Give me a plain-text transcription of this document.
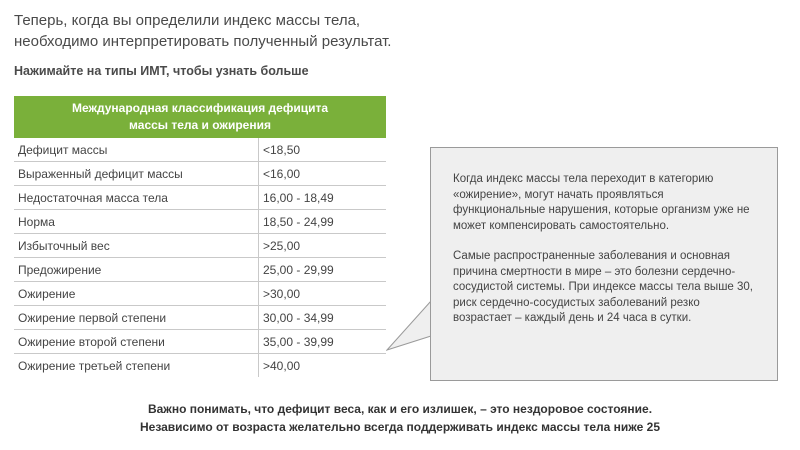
Теперь, когда вы определили индекс массы тела,
необходимо интерпретировать полученный результат.
Нажимайте на типы ИМТ, чтобы узнать больше
Международная классификация дефицита
массы тела и ожирения	

Дефицит массы	<18,50
Выраженный дефицит массы	<16,00
Недостаточная масса тела	16,00 - 18,49
Норма	18,50 - 24,99
Избыточный вес	>25,00
Предожирение	25,00 - 29,99
Ожирение	>30,00
Ожирение первой степени	30,00 - 34,99
Ожирение второй степени	35,00 - 39,99
Ожирение третьей степени	>40,00

Когда индекс массы тела переходит в категорию «ожирение», могут начать проявляться функциональные нарушения, которые организм уже не может компенсировать самостоятельно.

Самые распространенные заболевания и основная причина смертности в мире – это болезни сердечно-сосудистой системы. При индексе массы тела выше 30, риск сердечно-сосудистых заболеваний резко возрастает – каждый день и 24 часа в сутки.

Важно понимать, что дефицит веса, как и его излишек, – это нездоровое состояние.
Независимо от возраста желательно всегда поддерживать индекс массы тела ниже 25
